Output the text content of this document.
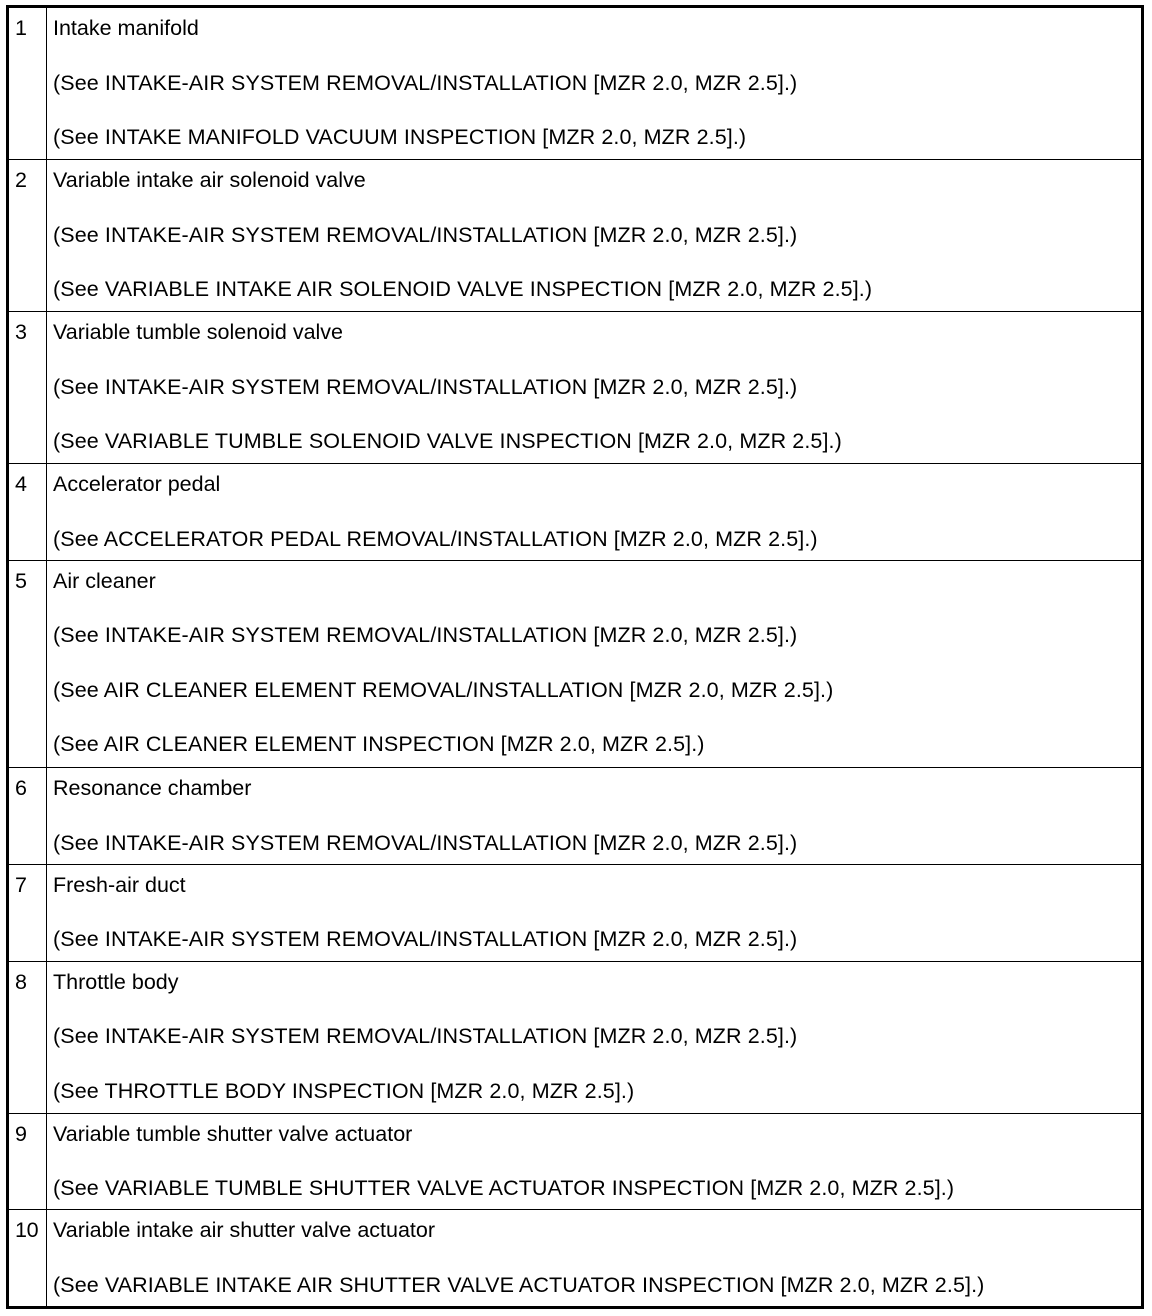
1	Intake manifold
(See INTAKE-AIR SYSTEM REMOVAL/INSTALLATION [MZR 2.0, MZR 2.5].)
(See INTAKE MANIFOLD VACUUM INSPECTION [MZR 2.0, MZR 2.5].)

2	Variable intake air solenoid valve
(See INTAKE-AIR SYSTEM REMOVAL/INSTALLATION [MZR 2.0, MZR 2.5].)
(See VARIABLE INTAKE AIR SOLENOID VALVE INSPECTION [MZR 2.0, MZR 2.5].)

3	Variable tumble solenoid valve
(See INTAKE-AIR SYSTEM REMOVAL/INSTALLATION [MZR 2.0, MZR 2.5].)
(See VARIABLE TUMBLE SOLENOID VALVE INSPECTION [MZR 2.0, MZR 2.5].)

4	Accelerator pedal
(See ACCELERATOR PEDAL REMOVAL/INSTALLATION [MZR 2.0, MZR 2.5].)

5	Air cleaner
(See INTAKE-AIR SYSTEM REMOVAL/INSTALLATION [MZR 2.0, MZR 2.5].)
(See AIR CLEANER ELEMENT REMOVAL/INSTALLATION [MZR 2.0, MZR 2.5].)
(See AIR CLEANER ELEMENT INSPECTION [MZR 2.0, MZR 2.5].)

6	Resonance chamber
(See INTAKE-AIR SYSTEM REMOVAL/INSTALLATION [MZR 2.0, MZR 2.5].)

7	Fresh-air duct
(See INTAKE-AIR SYSTEM REMOVAL/INSTALLATION [MZR 2.0, MZR 2.5].)

8	Throttle body
(See INTAKE-AIR SYSTEM REMOVAL/INSTALLATION [MZR 2.0, MZR 2.5].)
(See THROTTLE BODY INSPECTION [MZR 2.0, MZR 2.5].)

9	Variable tumble shutter valve actuator
(See VARIABLE TUMBLE SHUTTER VALVE ACTUATOR INSPECTION [MZR 2.0, MZR 2.5].)

10	Variable intake air shutter valve actuator
(See VARIABLE INTAKE AIR SHUTTER VALVE ACTUATOR INSPECTION [MZR 2.0, MZR 2.5].)
